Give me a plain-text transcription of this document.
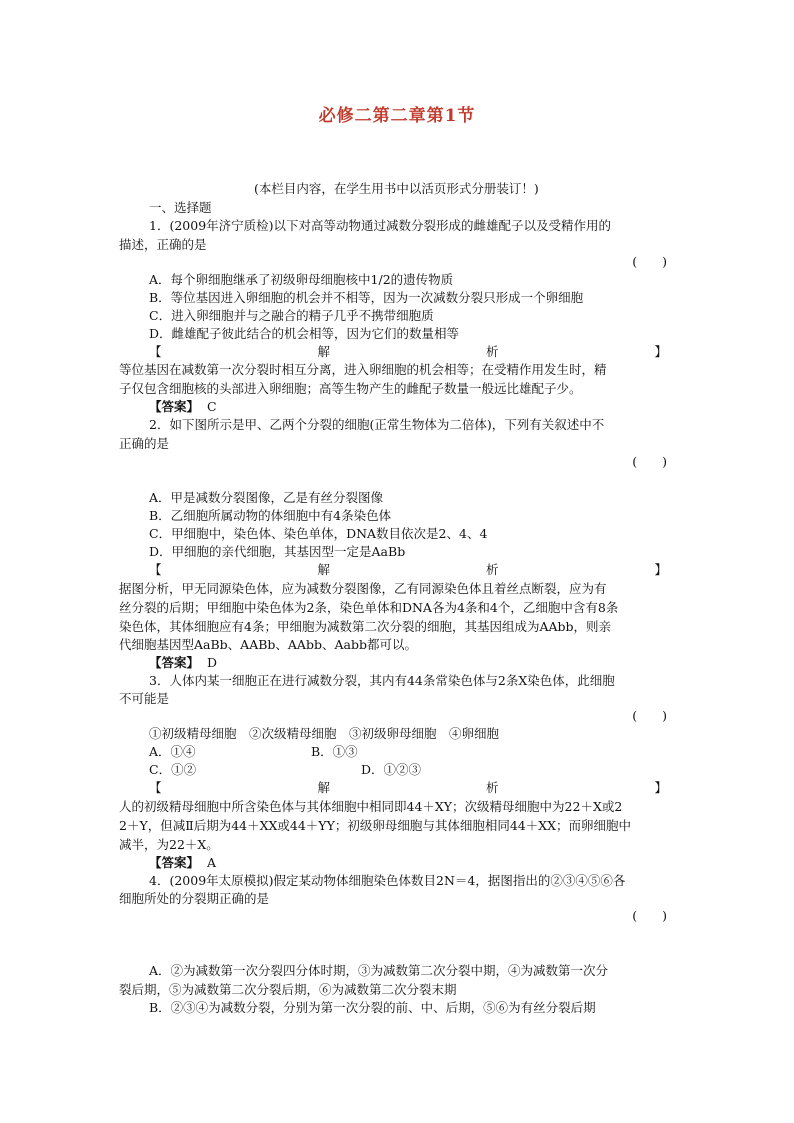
必修二第二章第1节
(本栏目内容，在学生用书中以活页形式分册装订！)
一、选择题
1．(2009年济宁质检)以下对高等动物通过减数分裂形成的雌雄配子以及受精作用的
描述，正确的是
(　　)
A．每个卵细胞继承了初级卵母细胞核中1/2的遗传物质
B．等位基因进入卵细胞的机会并不相等，因为一次减数分裂只形成一个卵细胞
C．进入卵细胞并与之融合的精子几乎不携带细胞质
D．雌雄配子彼此结合的机会相等，因为它们的数量相等
【	解	析	】
等位基因在减数第一次分裂时相互分离，进入卵细胞的机会相等；在受精作用发生时，精
子仅包含细胞核的头部进入卵细胞；高等生物产生的雌配子数量一般远比雄配子少。
【答案】 C
2．如下图所示是甲、乙两个分裂的细胞(正常生物体为二倍体)，下列有关叙述中不
正确的是
(　　)
A．甲是减数分裂图像，乙是有丝分裂图像
B．乙细胞所属动物的体细胞中有4条染色体
C．甲细胞中，染色体、染色单体，DNA数目依次是2、4、4
D．甲细胞的亲代细胞，其基因型一定是AaBb
【	解	析	】
据图分析，甲无同源染色体，应为减数分裂图像，乙有同源染色体且着丝点断裂，应为有
丝分裂的后期；甲细胞中染色体为2条，染色单体和DNA各为4条和4个，乙细胞中含有8条
染色体，其体细胞应有4条；甲细胞为减数第二次分裂的细胞，其基因组成为AAbb，则亲
代细胞基因型AaBb、AABb、AAbb、Aabb都可以。
【答案】 D
3．人体内某一细胞正在进行减数分裂，其内有44条常染色体与2条X染色体，此细胞
不可能是
(　　)
①初级精母细胞　②次级精母细胞　③初级卵母细胞　④卵细胞
A．①④	B．①③
C．①②	D．①②③
【	解	析	】
人的初级精母细胞中所含染色体与其体细胞中相同即44＋XY；次级精母细胞中为22＋X或2
2＋Y，但减Ⅱ后期为44＋XX或44＋YY；初级卵母细胞与其体细胞相同44＋XX；而卵细胞中
减半，为22＋X。
【答案】 A
4．(2009年太原模拟)假定某动物体细胞染色体数目2N＝4，据图指出的②③④⑤⑥各
细胞所处的分裂期正确的是
(　　)
A．②为减数第一次分裂四分体时期，③为减数第二次分裂中期，④为减数第一次分
裂后期，⑤为减数第二次分裂后期，⑥为减数第二次分裂末期
B．②③④为减数分裂，分别为第一次分裂的前、中、后期，⑤⑥为有丝分裂后期
